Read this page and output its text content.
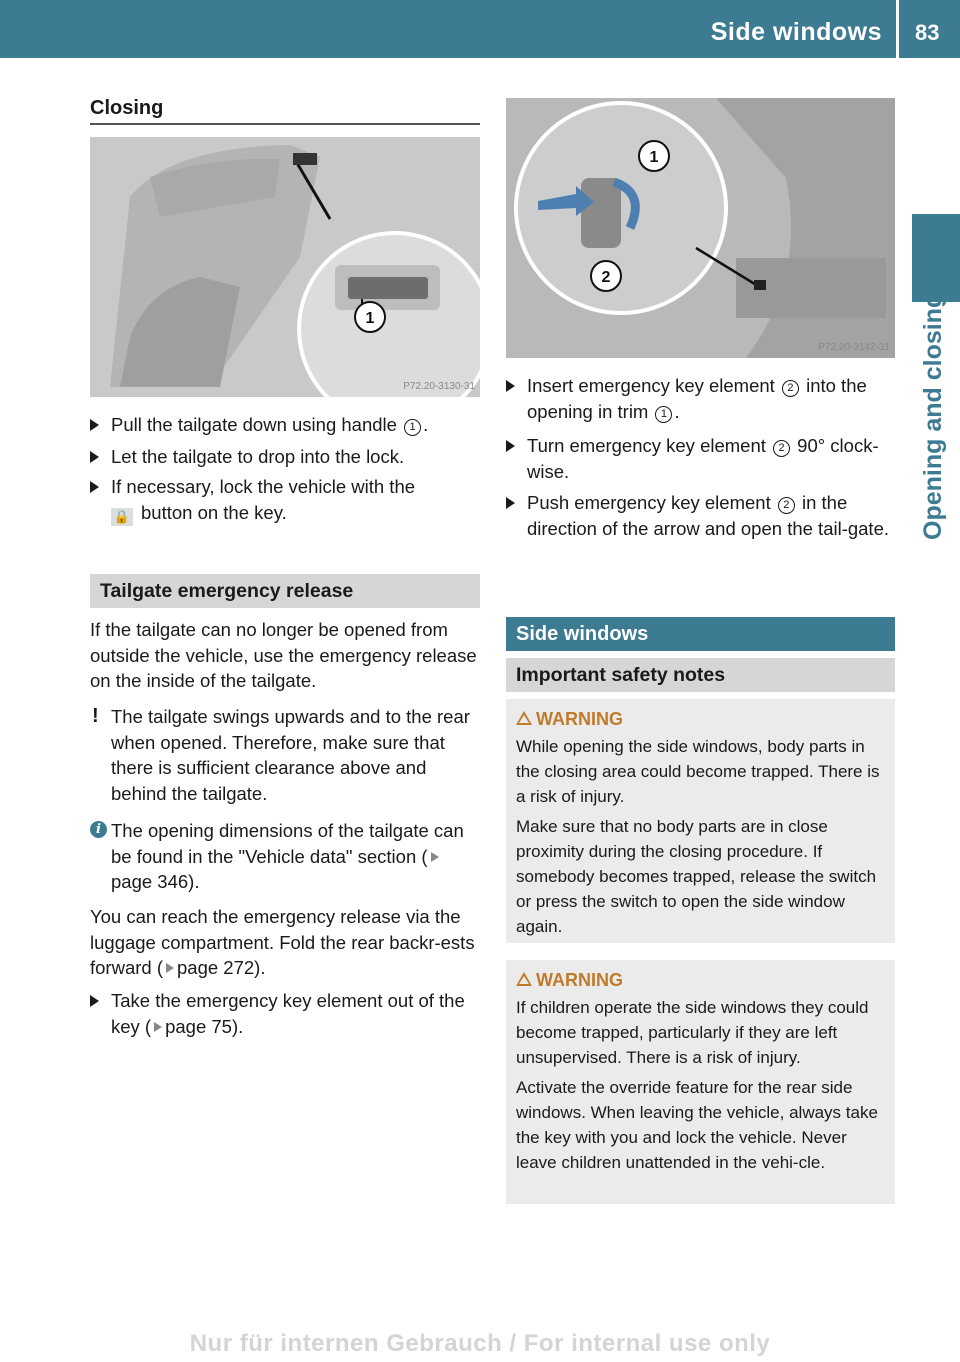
Side windows 83
Opening and closing
Closing
1
P72.20-3130-31
Pull the tailgate down using handle 1 .
Let the tailgate to drop into the lock.
If necessary, lock the vehicle with the
🔒 button on the key.
Tailgate emergency release
If the tailgate can no longer be opened from outside the vehicle, use the emergency release on the inside of the tailgate.
! The tailgate swings upwards and to the rear when opened. Therefore, make sure that there is sufficient clearance above and behind the tailgate.
i The opening dimensions of the tailgate can be found in the "Vehicle data" section (page 346).
You can reach the emergency release via the luggage compartment. Fold the rear backr-ests forward ( page 272).
Take the emergency key element out of the key ( page 75).
1
2
P72.20-3142-31
Insert emergency key element 2 into the opening in trim 1 .
Turn emergency key element 2 90° clock-wise.
Push emergency key element 2 in the direction of the arrow and open the tail-gate.
Side windows
Important safety notes
WARNING

While opening the side windows, body parts in the closing area could become trapped. There is a risk of injury.

Make sure that no body parts are in close proximity during the closing procedure. If somebody becomes trapped, release the switch or press the switch to open the side window again.

WARNING

If children operate the side windows they could become trapped, particularly if they are left unsupervised. There is a risk of injury.

Activate the override feature for the rear side windows. When leaving the vehicle, always take the key with you and lock the vehicle. Never leave children unattended in the vehi-cle.

Nur für internen Gebrauch / For internal use only
